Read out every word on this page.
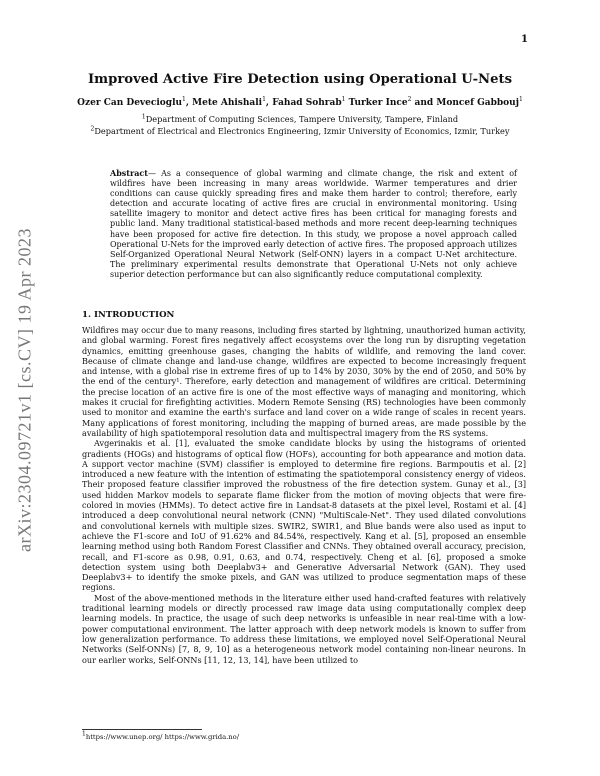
1
arXiv:2304.09721v1 [cs.CV] 19 Apr 2023
Improved Active Fire Detection using Operational U-Nets
Ozer Can Devecioglu$^1$, Mete Ahishali$^1$, Fahad Sohrab$^1$ Turker Ince$^2$ and Moncef Gabbouj$^1$
$^1$Department of Computing Sciences, Tampere University, Tampere, Finland
$^2$Department of Electrical and Electronics Engineering, Izmir University of Economics, Izmir, Turkey

Abstract— As a consequence of global warming and climate change, the risk and extent of wildfires have been increasing in many areas worldwide. Warmer temperatures and drier conditions can cause quickly spreading fires and make them harder to control; therefore, early detection and accurate locating of active fires are crucial in environmental monitoring. Using satellite imagery to monitor and detect active fires has been critical for managing forests and public land. Many traditional statistical-based methods and more recent deep-learning techniques have been proposed for active fire detection. In this study, we propose a novel approach called Operational U-Nets for the improved early detection of active fires. The proposed approach utilizes Self-Organized Operational Neural Network (Self-ONN) layers in a compact U-Net architecture. The preliminary experimental results demonstrate that Operational U-Nets not only achieve superior detection performance but can also significantly reduce computational complexity.

1. INTRODUCTION

Wildfires may occur due to many reasons, including fires started by lightning, unauthorized human activity, and global warming. Forest fires negatively affect ecosystems over the long run by disrupting vegetation dynamics, emitting greenhouse gases, changing the habits of wildlife, and removing the land cover. Because of climate change and land-use change, wildfires are expected to become increasingly frequent and intense, with a global rise in extreme fires of up to 14% by 2030, 30% by the end of 2050, and 50% by the end of the century¹. Therefore, early detection and management of wildfires are critical. Determining the precise location of an active fire is one of the most effective ways of managing and monitoring, which makes it crucial for firefighting activities. Modern Remote Sensing (RS) technologies have been commonly used to monitor and examine the earth's surface and land cover on a wide range of scales in recent years. Many applications of forest monitoring, including the mapping of burned areas, are made possible by the availability of high spatiotemporal resolution data and multispectral imagery from the RS systems.

Avgerinakis et al. [1], evaluated the smoke candidate blocks by using the histograms of oriented gradients (HOGs) and histograms of optical flow (HOFs), accounting for both appearance and motion data. A support vector machine (SVM) classifier is employed to determine fire regions. Barmpoutis et al. [2] introduced a new feature with the intention of estimating the spatiotemporal consistency energy of videos. Their proposed feature classifier improved the robustness of the fire detection system. Gunay et al., [3] used hidden Markov models to separate flame flicker from the motion of moving objects that were fire-colored in movies (HMMs). To detect active fire in Landsat-8 datasets at the pixel level, Rostami et al. [4] introduced a deep convolutional neural network (CNN) "MultiScale-Net". They used dilated convolutions and convolutional kernels with multiple sizes. SWIR2, SWIR1, and Blue bands were also used as input to achieve the F1-score and IoU of 91.62% and 84.54%, respectively. Kang et al. [5], proposed an ensemble learning method using both Random Forest Classifier and CNNs. They obtained overall accuracy, precision, recall, and F1-score as 0.98, 0.91, 0.63, and 0.74, respectively. Cheng et al. [6], proposed a smoke detection system using both Deeplabv3+ and Generative Adversarial Network (GAN). They used Deeplabv3+ to identify the smoke pixels, and GAN was utilized to produce segmentation maps of these regions.

Most of the above-mentioned methods in the literature either used hand-crafted features with relatively traditional learning models or directly processed raw image data using computationally complex deep learning models. In practice, the usage of such deep networks is unfeasible in near real-time with a low-power computational environment. The latter approach with deep network models is known to suffer from low generalization performance. To address these limitations, we employed novel Self-Operational Neural Networks (Self-ONNs) [7, 8, 9, 10] as a heterogeneous network model containing non-linear neurons. In our earlier works, Self-ONNs [11, 12, 13, 14], have been utilized to

$^1$https://www.unep.org/ https://www.grida.no/
